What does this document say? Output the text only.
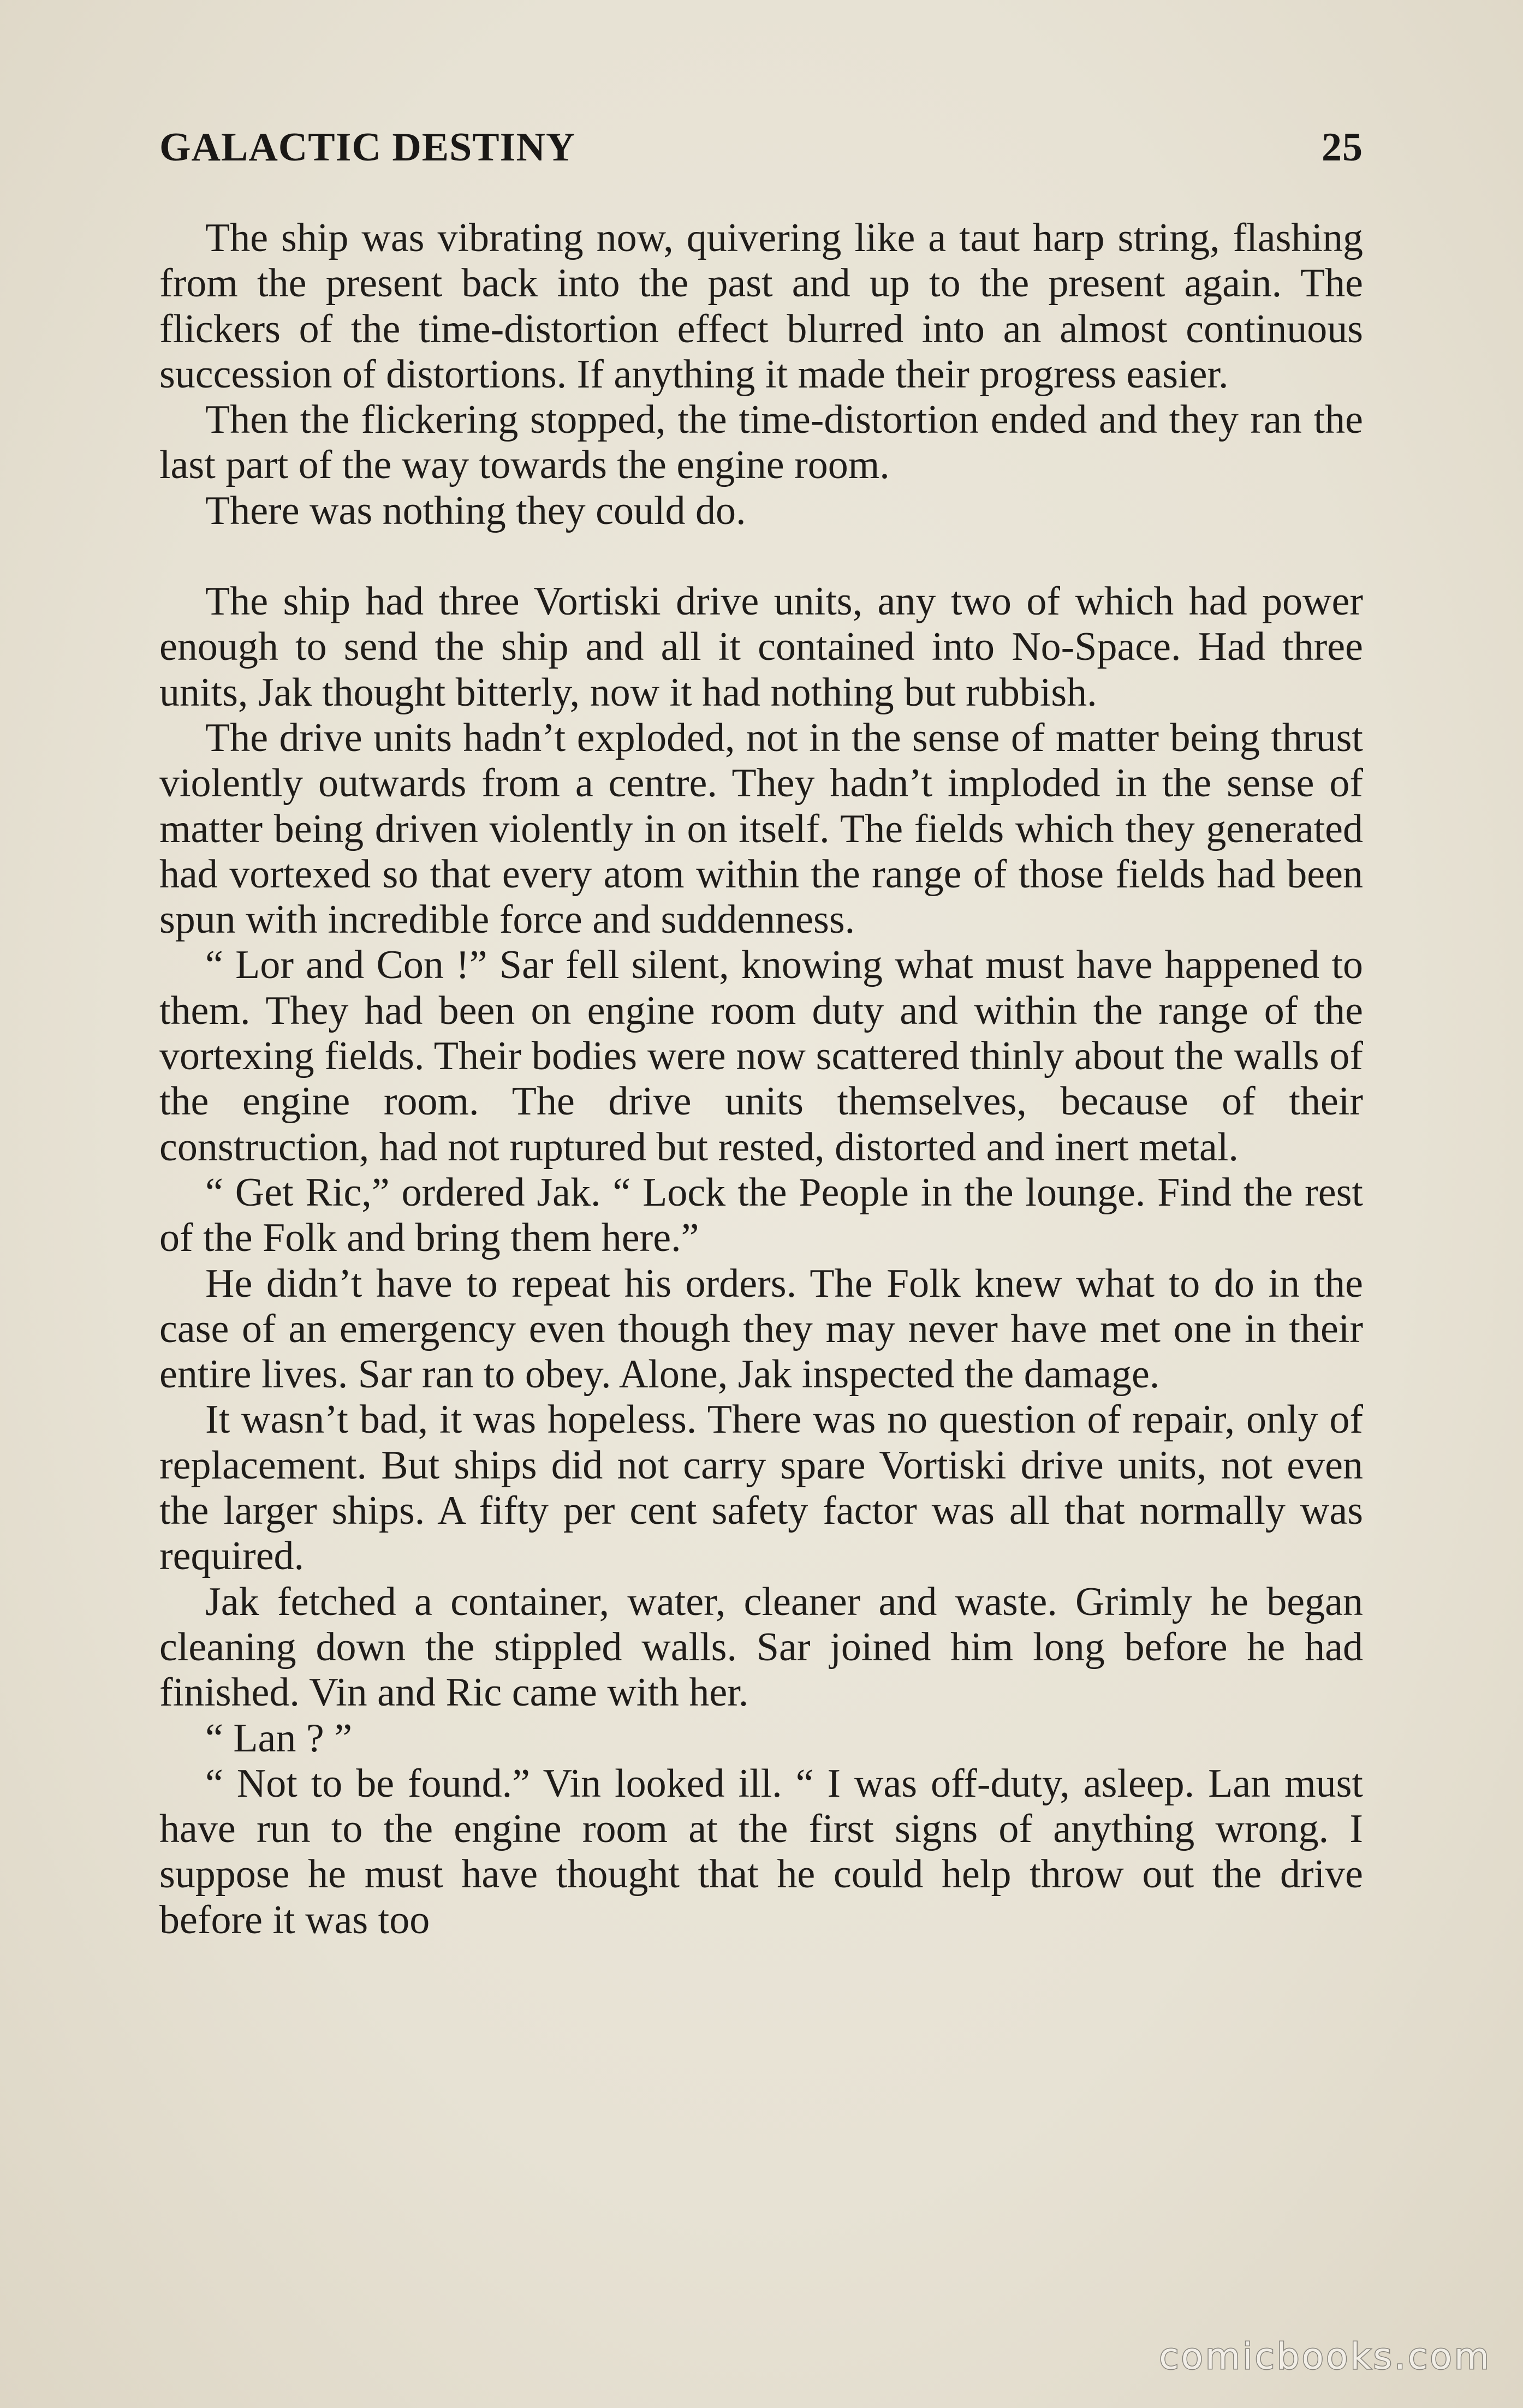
GALACTIC DESTINY	25

The ship was vibrating now, quivering like a taut harp string, flashing from the present back into the past and up to the present again. The flickers of the time-distortion effect blurred into an almost continuous succession of distortions. If anything it made their progress easier.

Then the flickering stopped, the time-distortion ended and they ran the last part of the way towards the engine room.

There was nothing they could do.

The ship had three Vortiski drive units, any two of which had power enough to send the ship and all it contained into No-Space. Had three units, Jak thought bitterly, now it had nothing but rubbish.

The drive units hadn’t exploded, not in the sense of matter being thrust violently outwards from a centre. They hadn’t imploded in the sense of matter being driven violently in on itself. The fields which they generated had vortexed so that every atom within the range of those fields had been spun with incredible force and suddenness.

“ Lor and Con !” Sar fell silent, knowing what must have happened to them. They had been on engine room duty and within the range of the vortexing fields. Their bodies were now scattered thinly about the walls of the engine room. The drive units themselves, because of their construction, had not ruptured but rested, distorted and inert metal.

“ Get Ric,” ordered Jak. “ Lock the People in the lounge. Find the rest of the Folk and bring them here.”

He didn’t have to repeat his orders. The Folk knew what to do in the case of an emergency even though they may never have met one in their entire lives. Sar ran to obey. Alone, Jak inspected the damage.

It wasn’t bad, it was hopeless. There was no question of repair, only of replacement. But ships did not carry spare Vortiski drive units, not even the larger ships. A fifty per cent safety factor was all that normally was required.

Jak fetched a container, water, cleaner and waste. Grimly he began cleaning down the stippled walls. Sar joined him long before he had finished. Vin and Ric came with her.

“ Lan ? ”

“ Not to be found.” Vin looked ill. “ I was off-duty, asleep. Lan must have run to the engine room at the first signs of anything wrong. I suppose he must have thought that he could help throw out the drive before it was too

comicbooks.com
